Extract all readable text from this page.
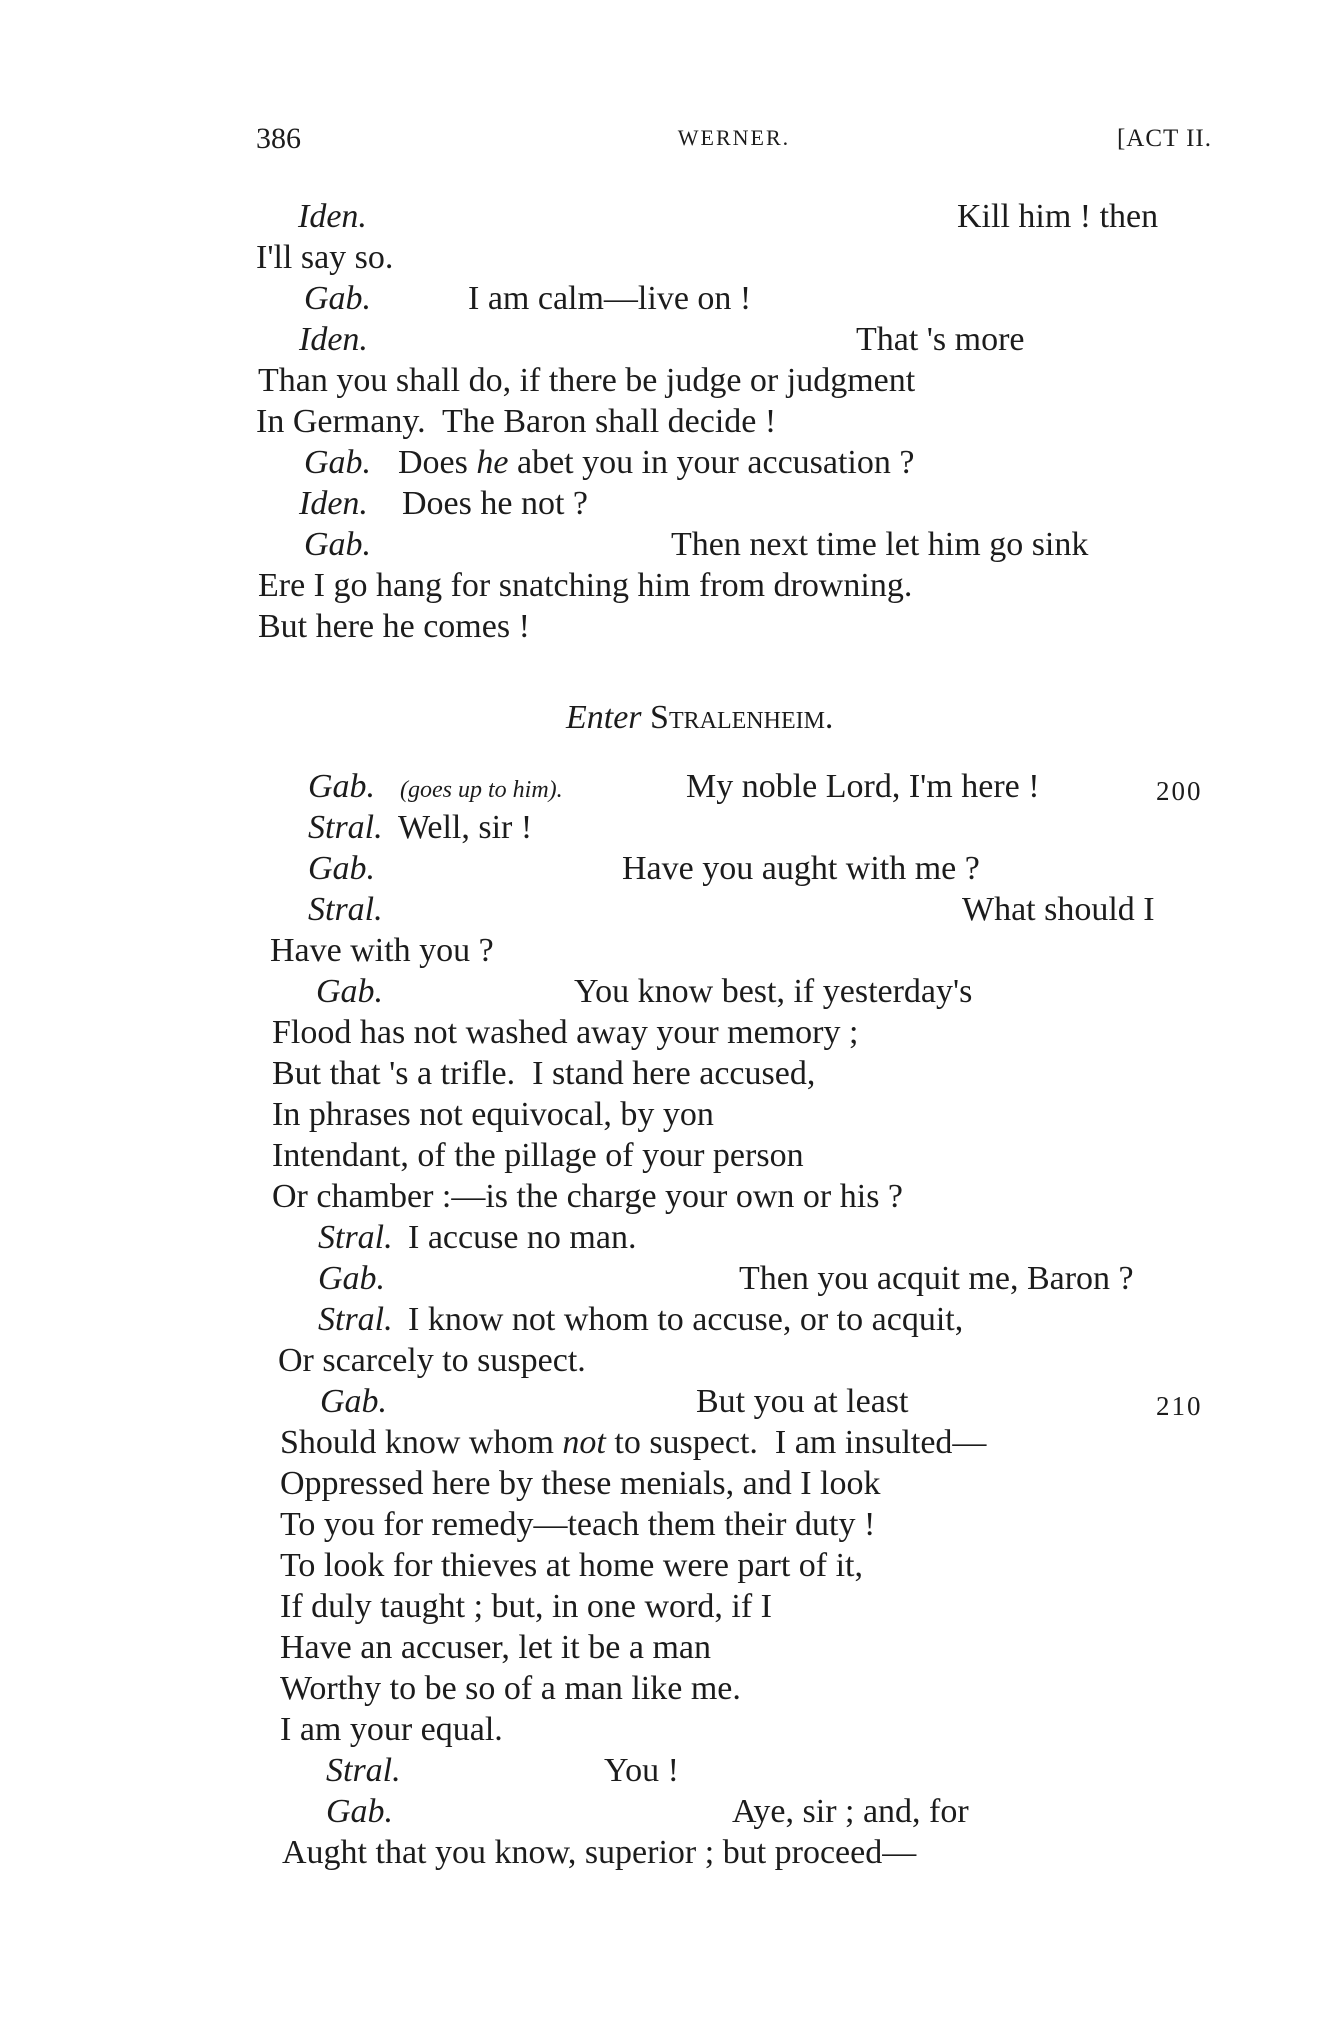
386	WERNER.	[ACT II.

Iden.

	Kill him ! then

I'll say so.

Gab.

	I am calm—live on !

Iden.

	That 's more

Than you shall do, if there be judge or judgment

In Germany.  The Baron shall decide !

Gab.

Does he abet you in your accusation ?

Iden.

Does he not ?

Gab.

	Then next time let him go sink

Ere I go hang for snatching him from drowning.

But here he comes !

Enter Stralenheim.

Gab.

(goes up to him).

	My noble Lord, I'm here !

	200

Stral.

Well, sir !

Gab.

	Have you aught with me ?

Stral.

	What should I

Have with you ?

Gab.

	You know best, if yesterday's

Flood has not washed away your memory ;

But that 's a trifle.  I stand here accused,

In phrases not equivocal, by yon

Intendant, of the pillage of your person

Or chamber :—is the charge your own or his ?

Stral.

I accuse no man.

Gab.

	Then you acquit me, Baron ?

Stral.

I know not whom to accuse, or to acquit,

Or scarcely to suspect.

Gab.

	But you at least

	210

Should know whom not to suspect.  I am insulted—

Oppressed here by these menials, and I look

To you for remedy—teach them their duty !

To look for thieves at home were part of it,

If duly taught ; but, in one word, if I

Have an accuser, let it be a man

Worthy to be so of a man like me.

I am your equal.

Stral.

	You !

Gab.

	Aye, sir ; and, for

Aught that you know, superior ; but proceed—
